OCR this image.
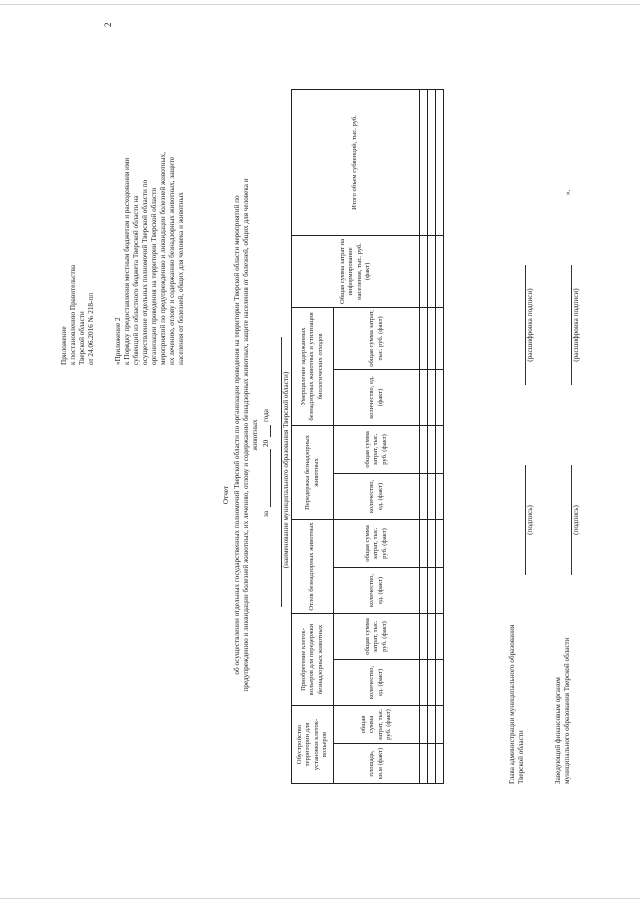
2
Приложение к постановлению Правительства Тверской области от 24.06.2016 № 218-пп	«Приложение 2 к Порядку предоставления местным бюджетам и расходования ими субвенций из областного бюджета Тверской области на осуществление отдельных полномочий Тверской области по организации проведения на территории Тверской области мероприятий по предупреждению и ликвидации болезней животных, их лечению, отлову и содержанию безнадзорных животных, защите населения от болезней, общих для человека и животных
Отчет об осуществлении отдельных государственных полномочий Тверской области по организации проведения на территории Тверской области мероприятий по предупреждению и ликвидации болезней животных, их лечению, отлову и содержанию безнадзорных животных, защите населения от болезней, общих для человека и животных
за
20
года (наименование муниципального образования Тверской области)
Обустройство территории для установки клеток-вольеров		Приобретение клеток-вольеров для передержки безнадзорных животных		Отлов безнадзорных животных		Передержка безнадзорных животных		Умерщвление задержанных безнадзорных животных и утилизация биологических отходов		Общая сумма затрат на информирование населения, тыс. руб. (факт)	Итого объем субвенций, тыс. руб.
площадь, кв.м (факт)	общая сумма затрат, тыс. руб. (факт)	количество, ед. (факт)	общая сумма затрат, тыс. руб. (факт)	количество, ед. (факт)	общая сумма затрат, тыс. руб. (факт)	количество, ед. (факт)	общая сумма затрат, тыс. руб. (факт)	количество, ед. (факт)	общая сумма затрат, тыс. руб. (факт)		

Глава администрации муниципального образования Тверской области
(подпись)
(расшифровка подписи)
Заведующий финансовым органом муниципального образования Тверской области
(подпись)
(расшифровка подписи)
».
